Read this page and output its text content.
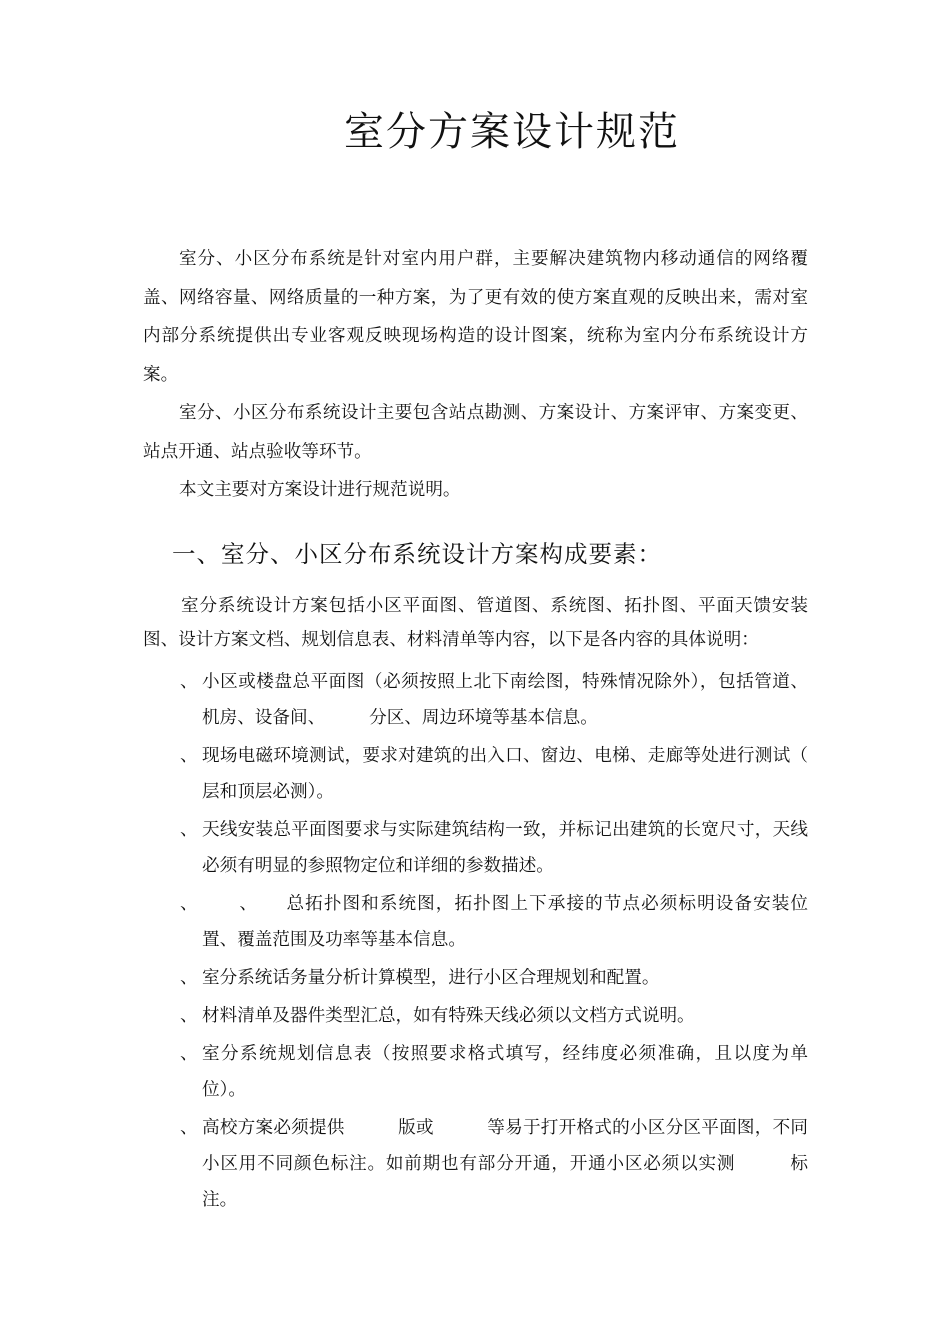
室分方案设计规范

室分、小区分布系统是针对室内用户群，主要解决建筑物内移动通信的网络覆盖、网络容量、网络质量的一种方案，为了更有效的使方案直观的反映出来，需对室内部分系统提供出专业客观反映现场构造的设计图案，统称为室内分布系统设计方案。

室分、小区分布系统设计主要包含站点勘测、方案设计、方案评审、方案变更、站点开通、站点验收等环节。

本文主要对方案设计进行规范说明。

一、室分、小区分布系统设计方案构成要素：

室分系统设计方案包括小区平面图、管道图、系统图、拓扑图、平面天馈安装图、设计方案文档、规划信息表、材料清单等内容，以下是各内容的具体说明：

、 小区或楼盘总平面图（必须按照上北下南绘图，特殊情况除外），包括管道、机房、设备间、　　　分区、周边环境等基本信息。
、 现场电磁环境测试，要求对建筑的出入口、窗边、电梯、走廊等处进行测试（　层和顶层必测）。
、 天线安装总平面图要求与实际建筑结构一致，并标记出建筑的长宽尺寸，天线必须有明显的参照物定位和详细的参数描述。
、 　　、　　总拓扑图和系统图，拓扑图上下承接的节点必须标明设备安装位置、覆盖范围及功率等基本信息。
、 室分系统话务量分析计算模型，进行小区合理规划和配置。
、 材料清单及器件类型汇总，如有特殊天线必须以文档方式说明。
、 室分系统规划信息表（按照要求格式填写，经纬度必须准确，且以度为单位）。
、 高校方案必须提供　　　版或　　　等易于打开格式的小区分区平面图，不同小区用不同颜色标注。如前期也有部分开通，开通小区必须以实测　　　标注。
